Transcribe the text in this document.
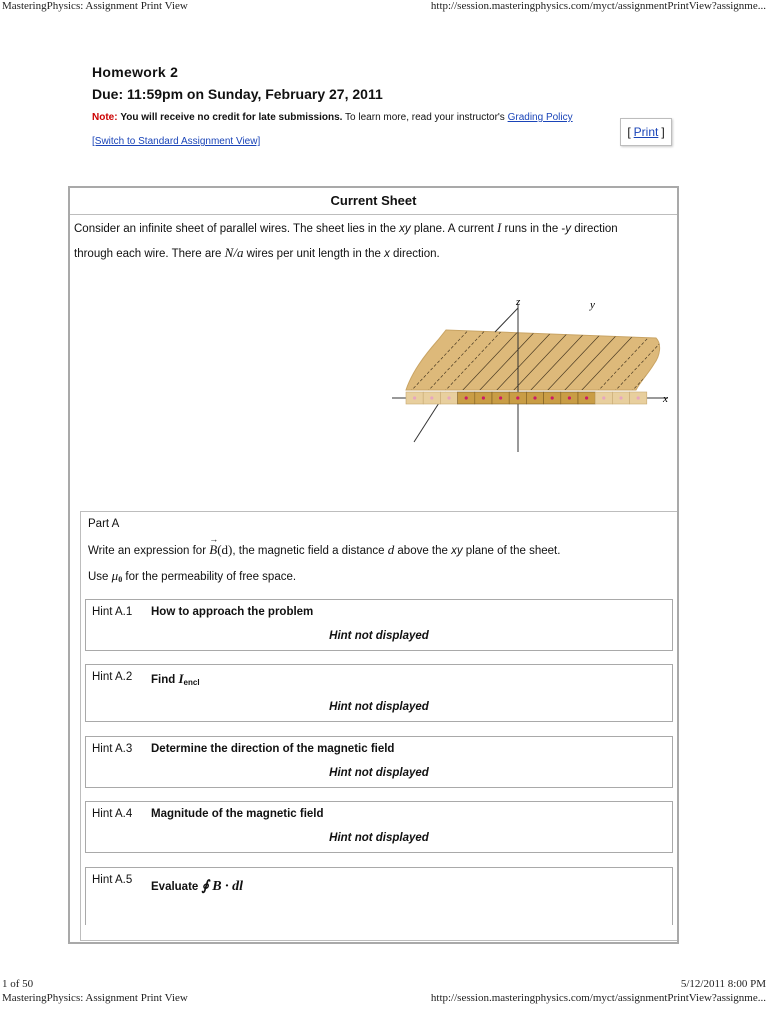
MasteringPhysics: Assignment Print View	http://session.masteringphysics.com/myct/assignmentPrintView?assignme...
Homework 2
Due: 11:59pm on Sunday, February 27, 2011
Note: You will receive no credit for late submissions. To learn more, read your instructor's Grading Policy
[Switch to Standard Assignment View]
[ Print ]
Current Sheet
Consider an infinite sheet of parallel wires. The sheet lies in the xy plane. A current I runs in the -y direction
through each wire. There are N/a wires per unit length in the x direction.
z	y
x
Part A
Write an expression for
→
B(d), the magnetic field a distance d above the xy plane of the sheet.
Use $\mu_0$ for the permeability of free space.
Hint A.1 How to approach the problem
Hint not displayed
Hint A.2 Find $I_{encl}$
Hint not displayed
Hint A.3 Determine the direction of the magnetic field
Hint not displayed
Hint A.4 Magnitude of the magnetic field
Hint not displayed
Hint A.5
Evaluate ∮ B · dl
1 of 50	5/12/2011 8:00 PM
MasteringPhysics: Assignment Print View	http://session.masteringphysics.com/myct/assignmentPrintView?assignme...
